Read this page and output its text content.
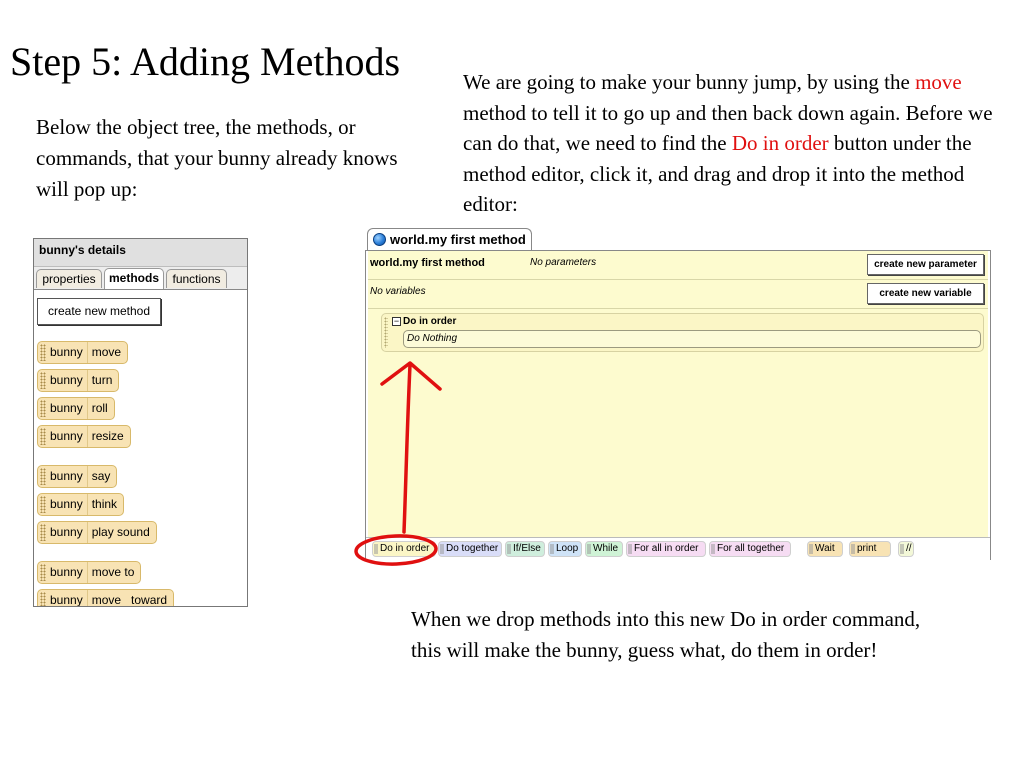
Step 5: Adding Methods
Below the object tree, the methods, or commands, that your bunny already knows will pop up:
We are going to make your bunny jump, by using the move method to tell it to go up and then back down again. Before we can do that, we need to find the Do in order button under the method editor, click it, and drag and drop it into the method editor:
When we drop methods into this new Do in order command, this will make the bunny, guess what, do them in order!
bunny's details
properties	methods	functions
create new method
bunny move
bunny turn
bunny roll
bunny resize
bunny say
bunny think
bunny play sound
bunny move to
bunny move   toward
world.my first method
world.my first method	No parameters	create new parameter
No variables	create new variable
− Do in order
Do Nothing
Do in order	Do together	If/Else	Loop	While	For all in order	For all together	Wait	print	//
